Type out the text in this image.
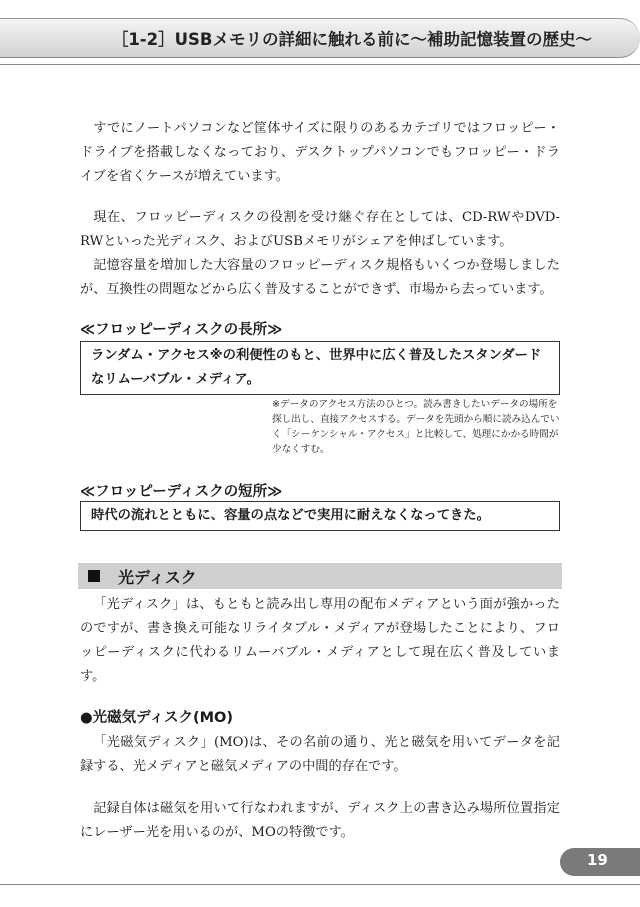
［1-2］USBメモリの詳細に触れる前に～補助記憶装置の歴史～

すでにノートパソコンなど筐体サイズに限りのあるカテゴリではフロッピー・ドライブを搭載しなくなっており、デスクトップパソコンでもフロッピー・ドライブを省くケースが増えています。

現在、フロッピーディスクの役割を受け継ぐ存在としては、CD-RWやDVD-RWといった光ディスク、およびUSBメモリがシェアを伸ばしています。

記憶容量を増加した大容量のフロッピーディスク規格もいくつか登場しましたが、互換性の問題などから広く普及することができず、市場から去っています。

≪フロッピーディスクの長所≫
ランダム・アクセス※の利便性のもと、世界中に広く普及したスタンダードなリムーバブル・メディア。

※データのアクセス方法のひとつ。読み書きしたいデータの場所を探し出し、直接アクセスする。データを先頭から順に読み込んでいく「シーケンシャル・アクセス」と比較して、処理にかかる時間が少なくすむ。

≪フロッピーディスクの短所≫
時代の流れとともに、容量の点などで実用に耐えなくなってきた。
光ディスク

「光ディスク」は、もともと読み出し専用の配布メディアという面が強かったのですが、書き換え可能なリライタブル・メディアが登場したことにより、フロッピーディスクに代わるリムーバブル・メディアとして現在広く普及しています。

●光磁気ディスク(MO)

「光磁気ディスク」(MO)は、その名前の通り、光と磁気を用いてデータを記録する、光メディアと磁気メディアの中間的存在です。

記録自体は磁気を用いて行なわれますが、ディスク上の書き込み場所位置指定にレーザー光を用いるのが、MOの特徴です。

19
